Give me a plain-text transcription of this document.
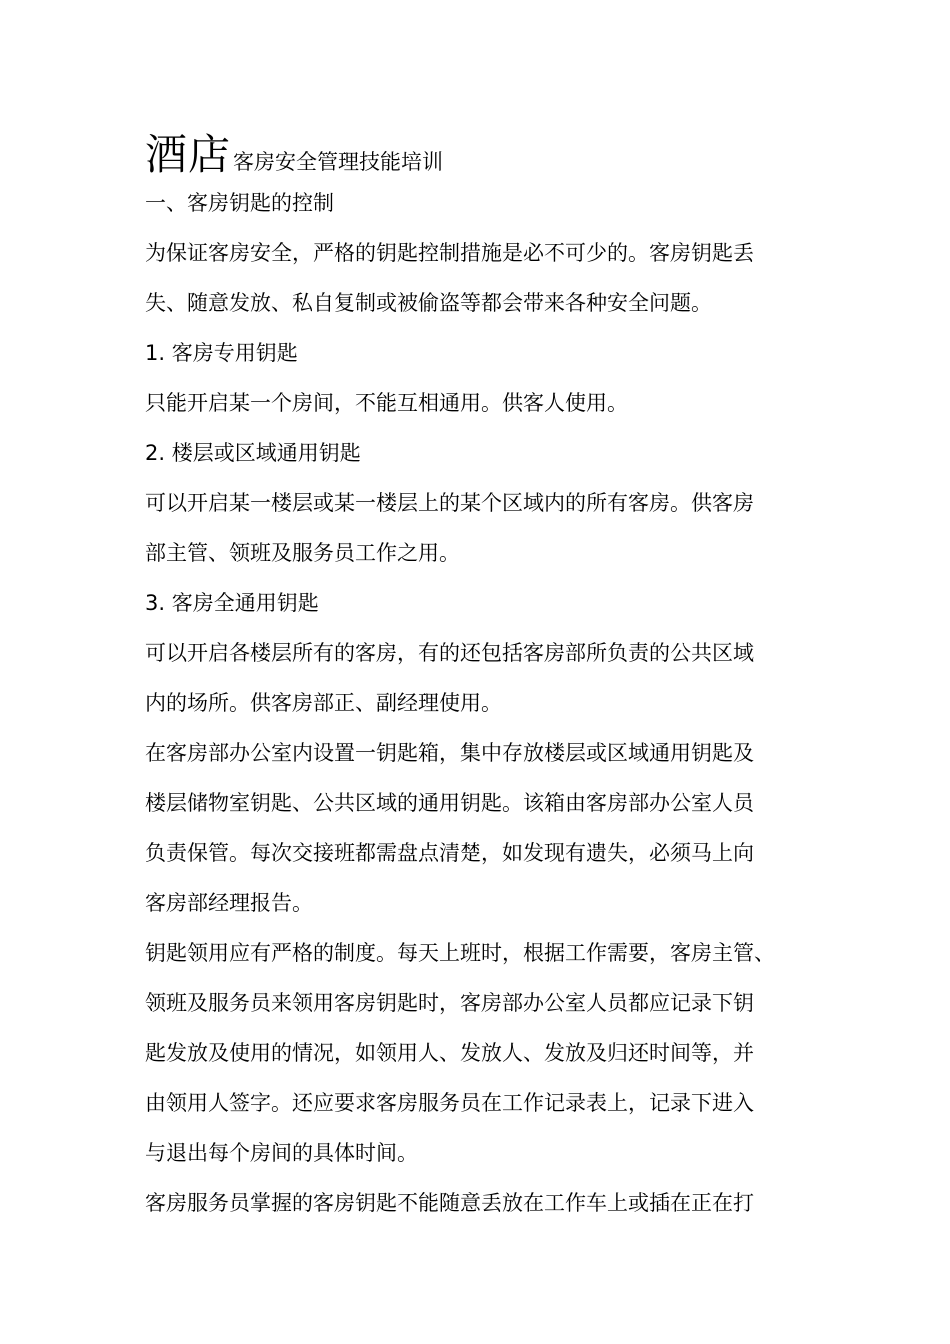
酒店 客房安全管理技能培训
一、客房钥匙的控制

为保证客房安全，严格的钥匙控制措施是必不可少的。客房钥匙丢

失、随意发放、私自复制或被偷盗等都会带来各种安全问题。

1. 客房专用钥匙

只能开启某一个房间，不能互相通用。供客人使用。

2. 楼层或区域通用钥匙

可以开启某一楼层或某一楼层上的某个区域内的所有客房。供客房

部主管、领班及服务员工作之用。

3. 客房全通用钥匙

可以开启各楼层所有的客房，有的还包括客房部所负责的公共区域

内的场所。供客房部正、副经理使用。

在客房部办公室内设置一钥匙箱，集中存放楼层或区域通用钥匙及

楼层储物室钥匙、公共区域的通用钥匙。该箱由客房部办公室人员

负责保管。每次交接班都需盘点清楚，如发现有遗失，必须马上向

客房部经理报告。

钥匙领用应有严格的制度。每天上班时，根据工作需要，客房主管、

领班及服务员来领用客房钥匙时，客房部办公室人员都应记录下钥

匙发放及使用的情况，如领用人、发放人、发放及归还时间等，并

由领用人签字。还应要求客房服务员在工作记录表上，记录下进入

与退出每个房间的具体时间。

客房服务员掌握的客房钥匙不能随意丢放在工作车上或插在正在打
